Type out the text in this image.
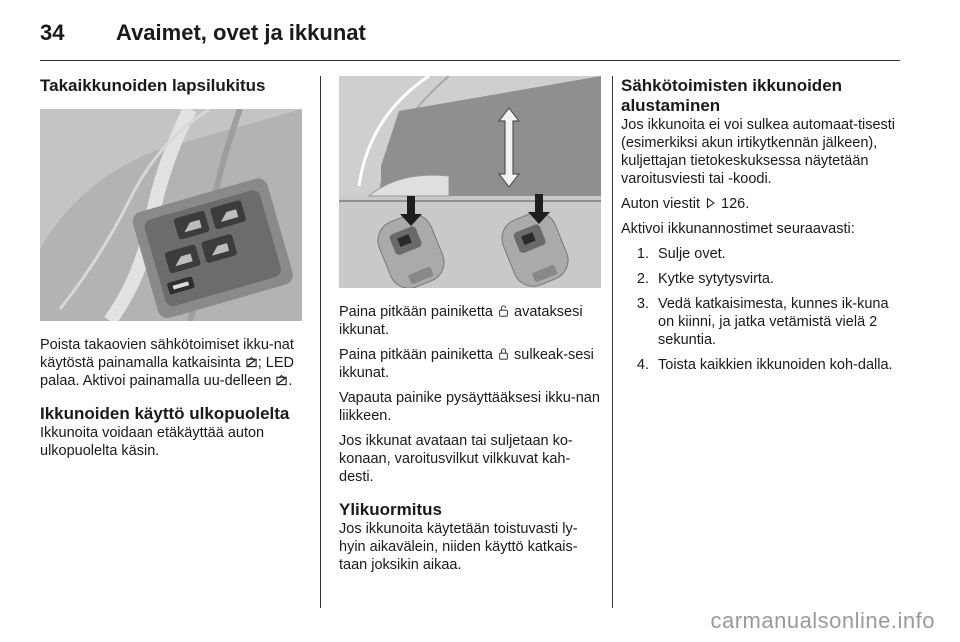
34	Avaimet, ovet ja ikkunat
Takaikkunoiden lapsilukitus

Poista takaovien sähkötoimiset ikku-nat käytöstä painamalla katkaisinta ; LED palaa. Aktivoi painamalla uu-delleen .

Ikkunoiden käyttö ulkopuolelta

Ikkunoita voidaan etäkäyttää auton ulkopuolelta käsin.

Paina pitkään painiketta  avataksesi ikkunat.

Paina pitkään painiketta  sulkeak-sesi ikkunat.

Vapauta painike pysäyttääksesi ikku-nan liikkeen.

Jos ikkunat avataan tai suljetaan ko-konaan, varoitusvilkut vilkkuvat kah-desti.

Ylikuormitus

Jos ikkunoita käytetään toistuvasti ly-hyin aikavälein, niiden käyttö katkais-taan joksikin aikaa.

Sähkötoimisten ikkunoiden alustaminen

Jos ikkunoita ei voi sulkea automaat-tisesti (esimerkiksi akun irtikytkennän jälkeen), kuljettajan tietokeskuksessa näytetään varoitusviesti tai -koodi.

Auton viestit  126.

Aktivoi ikkunannostimet seuraavasti:

1. Sulje ovet.
2. Kytke sytytysvirta.
3. Vedä katkaisimesta, kunnes ik-kuna on kiinni, ja jatka vetämistä vielä 2 sekuntia.
4. Toista kaikkien ikkunoiden koh-dalla.
carmanualsonline.info
